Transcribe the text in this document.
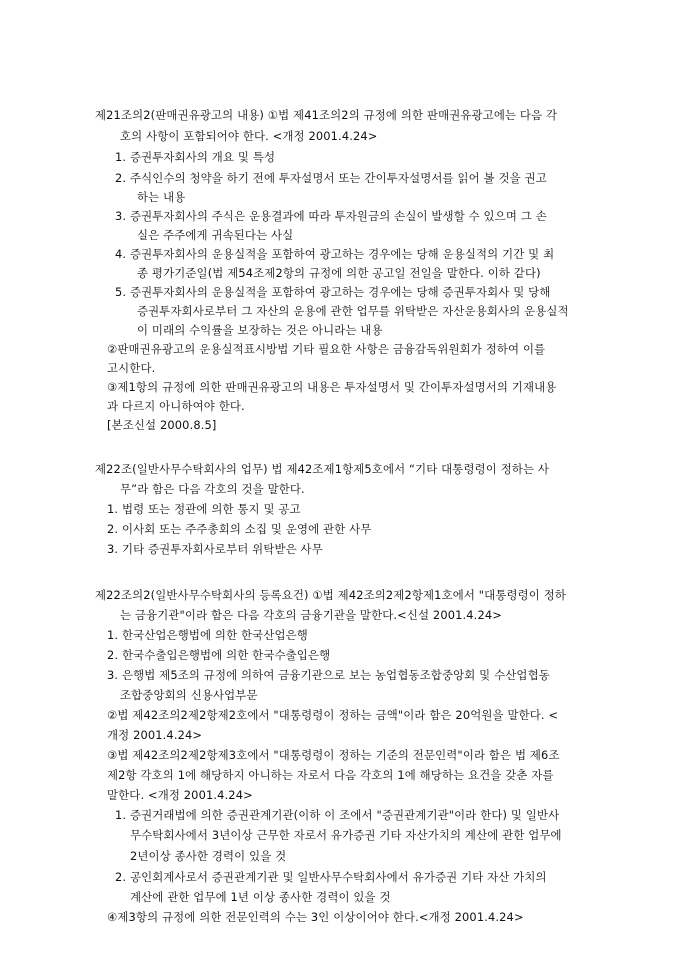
제21조의2(판매권유광고의 내용) ①법 제41조의2의 규정에 의한 판매권유광고에는 다음 각
호의 사항이 포함되어야 한다. <개정 2001.4.24>
1. 증권투자회사의 개요 및 특성
2. 주식인수의 청약을 하기 전에 투자설명서 또는 간이투자설명서를 읽어 볼 것을 권고
하는 내용
3. 증권투자회사의 주식은 운용결과에 따라 투자원금의 손실이 발생할 수 있으며 그 손
실은 주주에게 귀속된다는 사실
4. 증권투자회사의 운용실적을 포함하여 광고하는 경우에는 당해 운용실적의 기간 및 최
종 평가기준일(법 제54조제2항의 규정에 의한 공고일 전일을 말한다. 이하 같다)
5. 증권투자회사의 운용실적을 포함하여 광고하는 경우에는 당해 증권투자회사 및 당해
증권투자회사로부터 그 자산의 운용에 관한 업무를 위탁받은 자산운용회사의 운용실적
이 미래의 수익률을 보장하는 것은 아니라는 내용
②판매권유광고의 운용실적표시방법 기타 필요한 사항은 금융감독위원회가 정하여 이를
고시한다.
③제1항의 규정에 의한 판매권유광고의 내용은 투자설명서 및 간이투자설명서의 기재내용
과 다르지 아니하여야 한다.
[본조신설 2000.8.5]
제22조(일반사무수탁회사의 업무) 법 제42조제1항제5호에서 “기타 대통령령이 정하는 사
무”라 함은 다음 각호의 것을 말한다.
1. 법령 또는 정관에 의한 통지 및 공고
2. 이사회 또는 주주총회의 소집 및 운영에 관한 사무
3. 기타 증권투자회사로부터 위탁받은 사무
제22조의2(일반사무수탁회사의 등록요건) ①법 제42조의2제2항제1호에서 "대통령령이 정하
는 금융기관"이라 함은 다음 각호의 금융기관을 말한다.<신설 2001.4.24>
1. 한국산업은행법에 의한 한국산업은행
2. 한국수출입은행법에 의한 한국수출입은행
3. 은행법 제5조의 규정에 의하여 금융기관으로 보는 농업협동조합중앙회 및 수산업협동
조합중앙회의 신용사업부문
②법 제42조의2제2항제2호에서 "대통령령이 정하는 금액"이라 함은 20억원을 말한다. <
개정 2001.4.24>
③법 제42조의2제2항제3호에서 "대통령령이 정하는 기준의 전문인력"이라 함은 법 제6조
제2항 각호의 1에 해당하지 아니하는 자로서 다음 각호의 1에 해당하는 요건을 갖춘 자를
말한다. <개정 2001.4.24>
1. 증권거래법에 의한 증권관계기관(이하 이 조에서 "증권관계기관"이라 한다) 및 일반사
무수탁회사에서 3년이상 근무한 자로서 유가증권 기타 자산가치의 계산에 관한 업무에
2년이상 종사한 경력이 있을 것
2. 공인회계사로서 증권관계기관 및 일반사무수탁회사에서 유가증권 기타 자산 가치의
계산에 관한 업무에 1년 이상 종사한 경력이 있을 것
④제3항의 규정에 의한 전문인력의 수는 3인 이상이어야 한다.<개정 2001.4.24>
